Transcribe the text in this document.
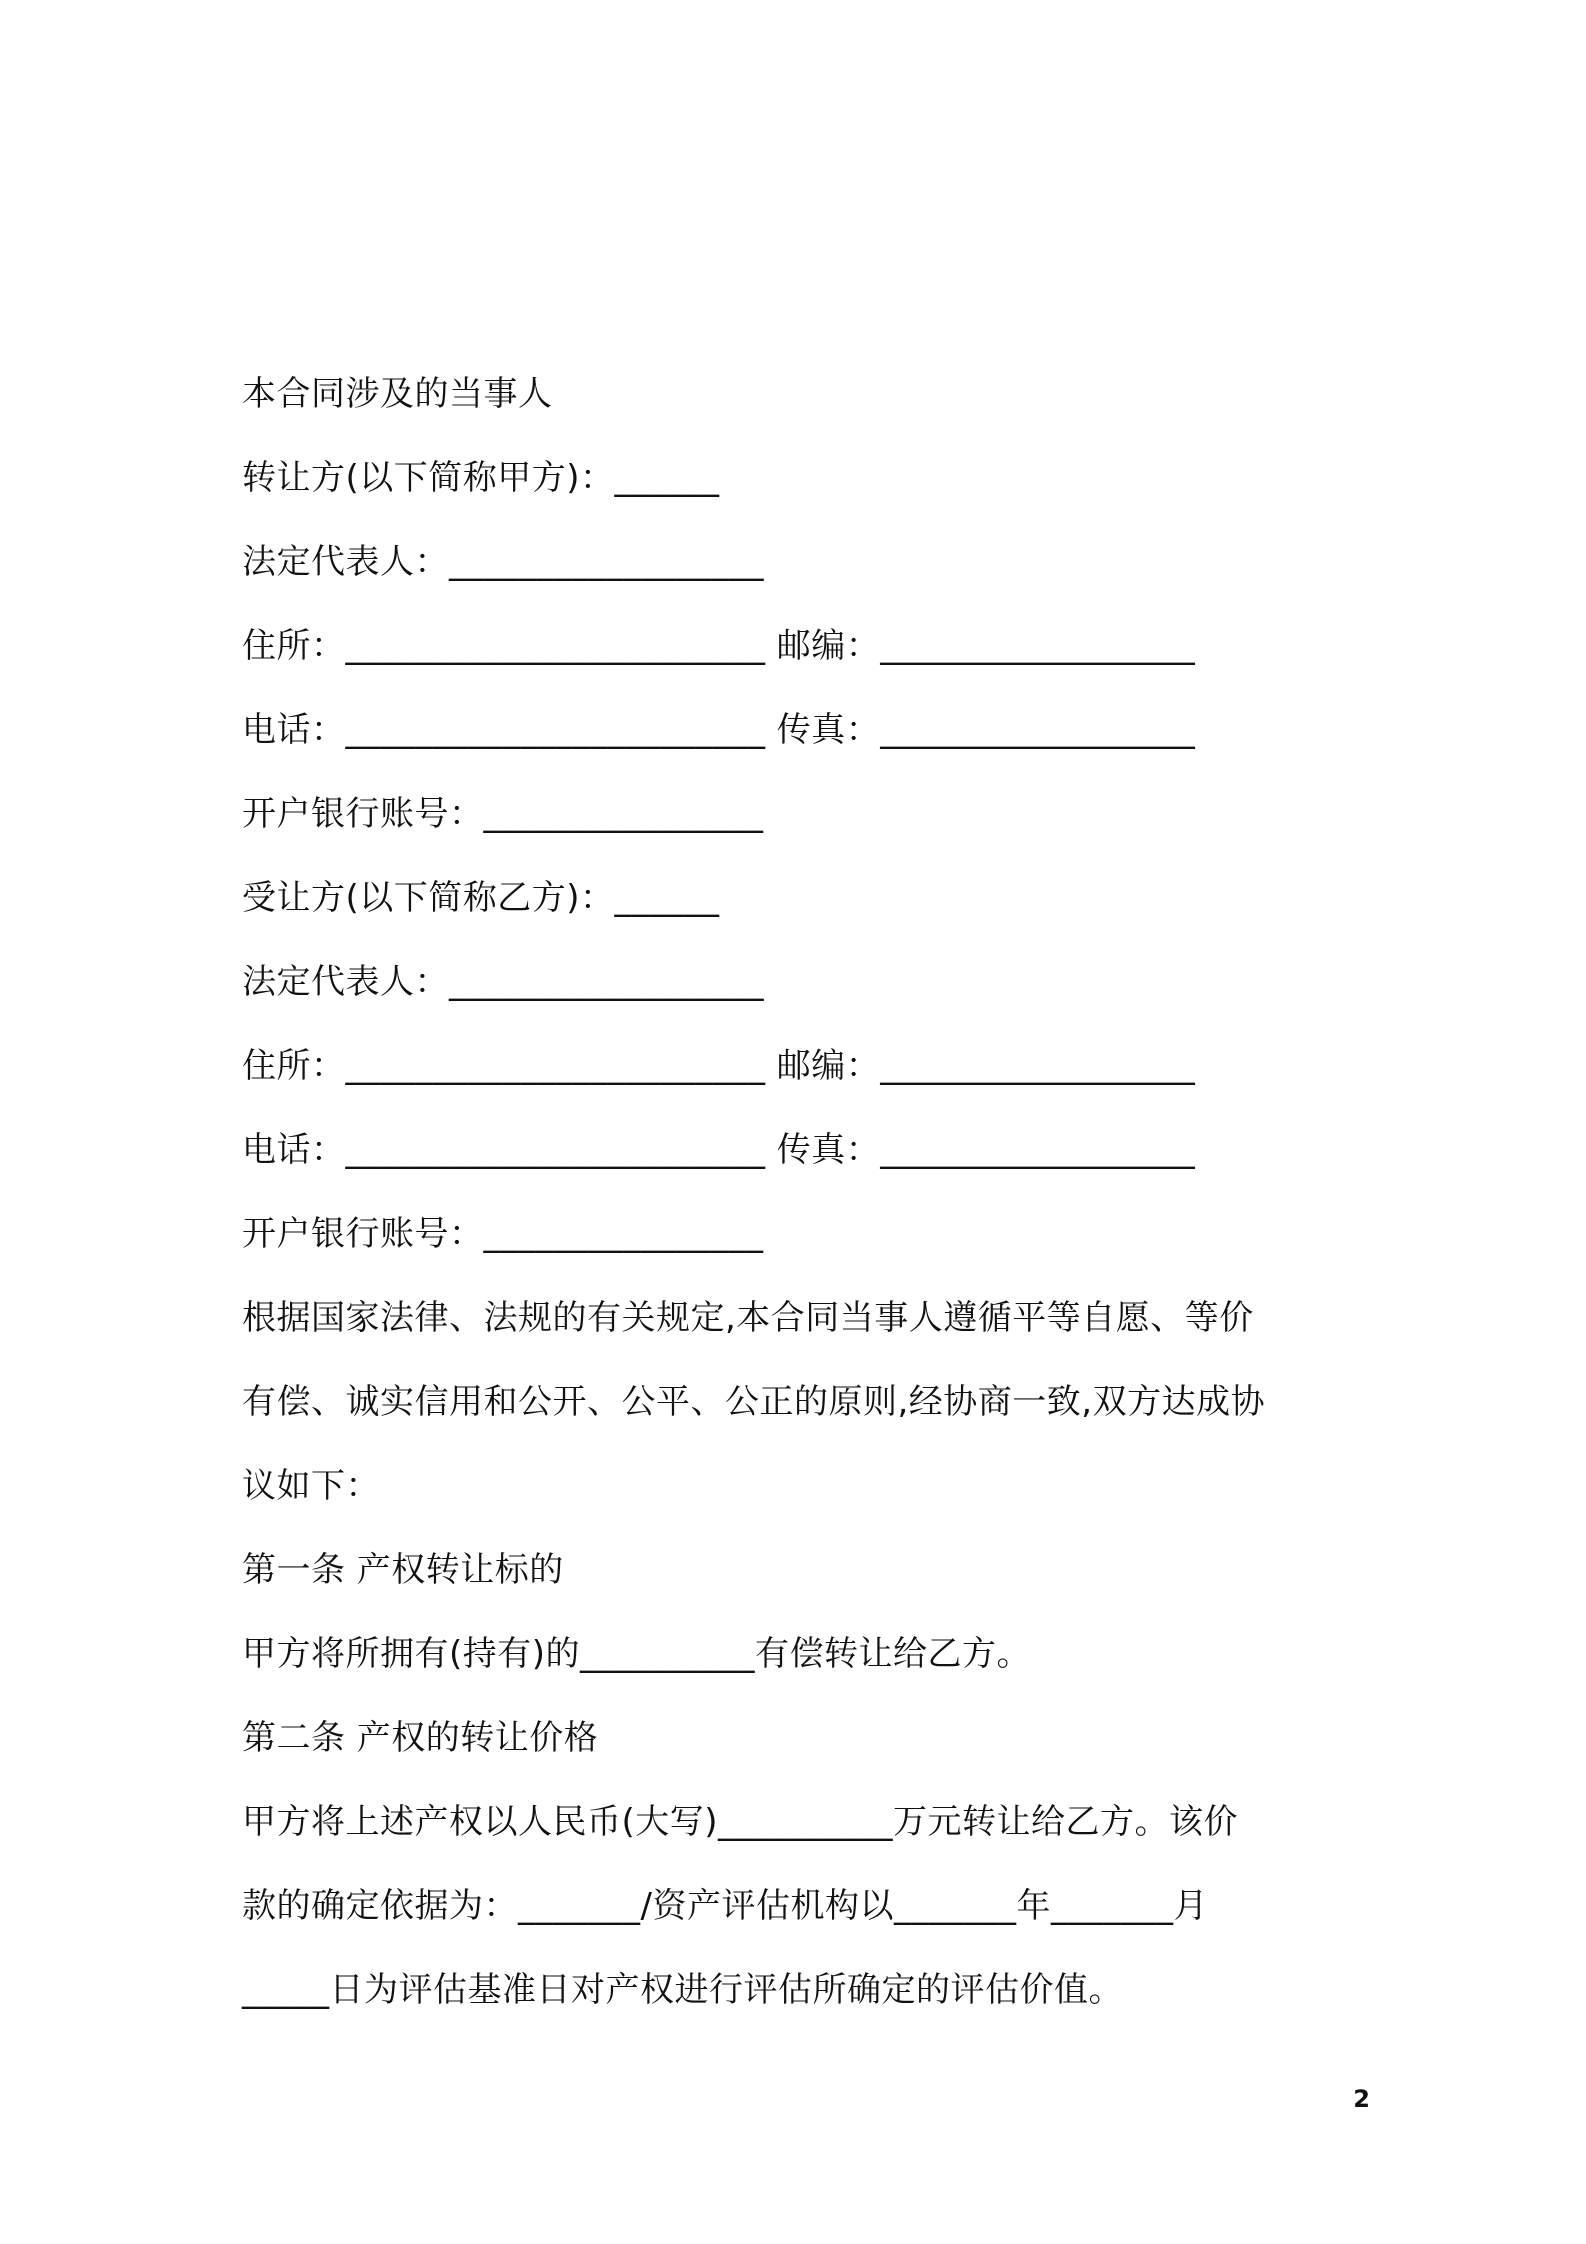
本合同涉及的当事人
转让方(以下简称甲方)：______
法定代表人：__________________
住所：________________________ 邮编：__________________
电话：________________________ 传真：__________________
开户银行账号：________________
受让方(以下简称乙方)：______
法定代表人：__________________
住所：________________________ 邮编：__________________
电话：________________________ 传真：__________________
开户银行账号：________________
根据国家法律、法规的有关规定,本合同当事人遵循平等自愿、等价
有偿、诚实信用和公开、公平、公正的原则,经协商一致,双方达成协
议如下：
第一条 产权转让标的
甲方将所拥有(持有)的__________有偿转让给乙方。
第二条 产权的转让价格
甲方将上述产权以人民币(大写)__________万元转让给乙方。该价
款的确定依据为：_______/资产评估机构以_______年_______月
_____日为评估基准日对产权进行评估所确定的评估价值。
2
